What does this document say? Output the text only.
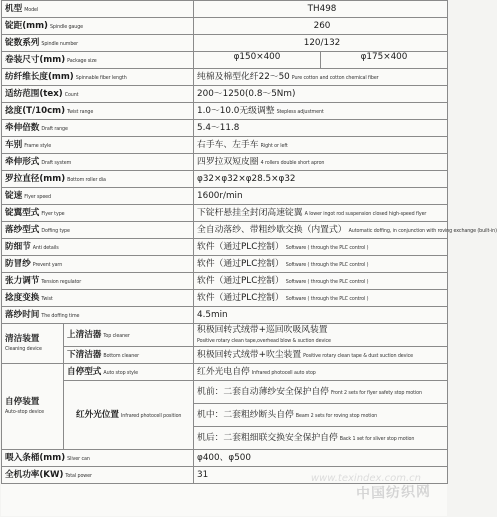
机型 Model		TH498
锭距(mm) Spindle gauge		260
锭数系列 Spindle number		120/132
卷装尺寸(mm) Package size		φ150×400 φ175×400

纺纤维长度(mm) Spinnable fiber length		纯棉及棉型化纤22～50 Pure cotton and cotton chemical fiber
适纺范围(tex) Count		200～1250(0.8～5Nm)
捻度(T/10cm) Twist range		1.0～10.0无级调整 Stepless adjustment
牵伸倍数 Draft range		5.4～11.8
车别 Frame style		右手车、左手车 Right or left
牵伸形式 Draft system		四罗拉双短皮圈 4 rollers double short apron
罗拉直径(mm) Bottom roller dia		φ32×φ32×φ28.5×φ32
锭速 Flyer speed		1600r/min
锭翼型式 Flyer type		下锭杆悬挂全封闭高速锭翼 A lower ingot rod suspension closed high-speed flyer
落纱型式 Doffing type		全自动落纱、带粗纱歇交换（内置式） Automatic doffing, in conjunction with roving exchange (built-in)
防细节 Anti details		软件（通过PLC控制） Software ( through the PLC control )
防冒纱 Prevent yarn		软件（通过PLC控制） Software ( through the PLC control )
张力调节 Tension regulator		软件（通过PLC控制） Software ( through the PLC control )
捻度变换 Twist		软件（通过PLC控制） Software ( through the PLC control )
落纱时间 The doffing time		4.5min
清洁装置
Cleaning device	上清洁器 Top cleaner	积极回转式绒带+巡回吹吸风装置
Positive rotary clean tape,overhead blow & suction device
	下清洁器 Bottom cleaner	积极回转式绒带+吹尘装置 Positive rotary clean tape & dust suction device
自停装置
Auto-stop device	自停型式 Auto stop style	红外光电自停 Infrared photocell auto stop
	红外光位置 Infrared photocell position	机前：二套自动薄纱安全保护自停 Front 2 sets for flyer safety stop motion
		机中：二套粗纱断头自停 Beam 2 sets for roving stop motion
		机后：二套粗细联交换安全保护自停 Back 1 set for sliver stop motion
喂入条桶(mm) Sliver can		φ400、φ500
全机功率(KW) Total power		31
中国纺织网
www.texindex.com.cn
